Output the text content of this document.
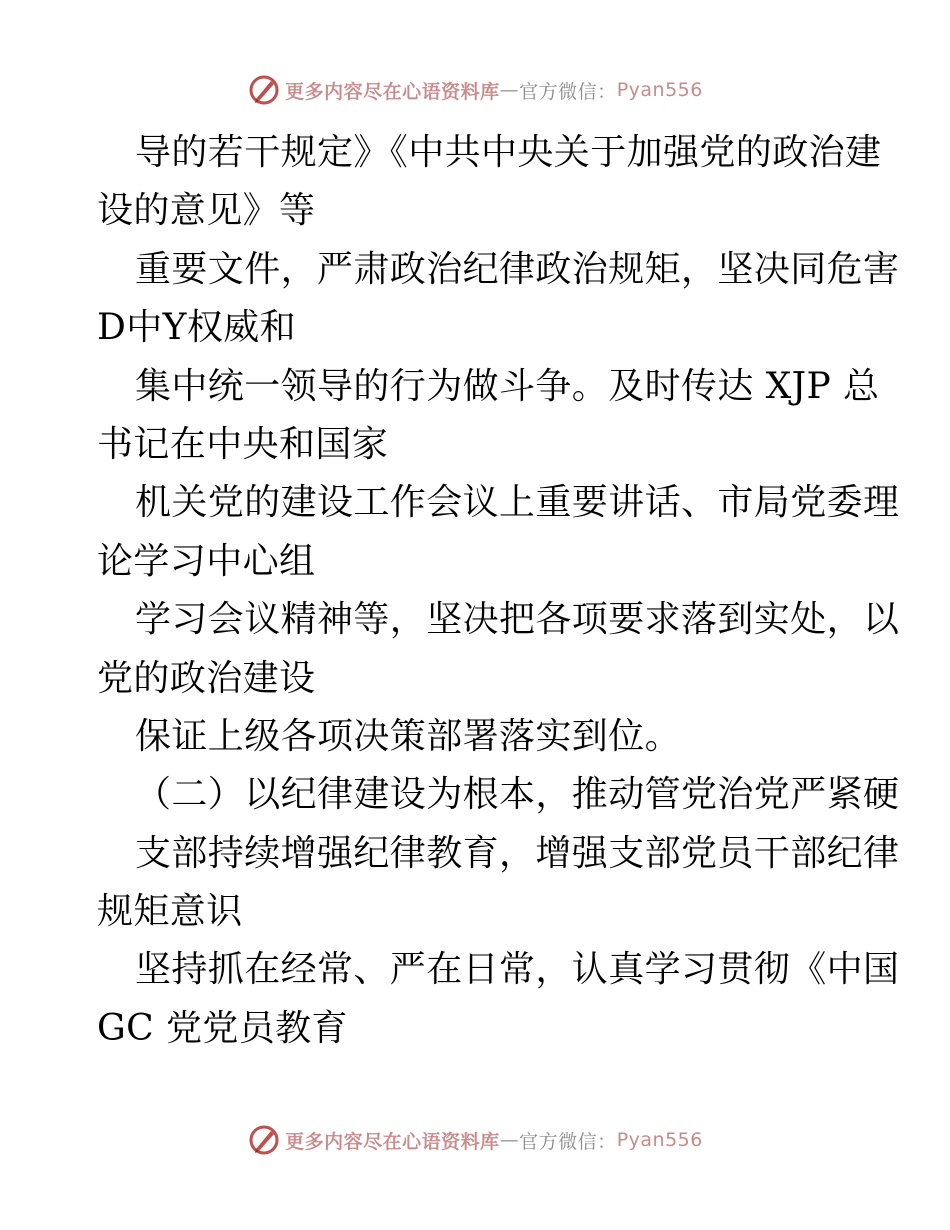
更多内容尽在心语资料库 — 官方微信： Pyan556
导的若干规定》《中共中央关于加强党的政治建
设的意见》等
重要文件，严肃政治纪律政治规矩，坚决同危害
D中Y权威和
集中统一领导的行为做斗争。及时传达 XJP 总
书记在中央和国家
机关党的建设工作会议上重要讲话、市局党委理
论学习中心组
学习会议精神等，坚决把各项要求落到实处，以
党的政治建设
保证上级各项决策部署落实到位。
（二）以纪律建设为根本，推动管党治党严紧硬
支部持续增强纪律教育，增强支部党员干部纪律
规矩意识
坚持抓在经常、严在日常，认真学习贯彻《中国
GC 党党员教育
更多内容尽在心语资料库 — 官方微信： Pyan556
